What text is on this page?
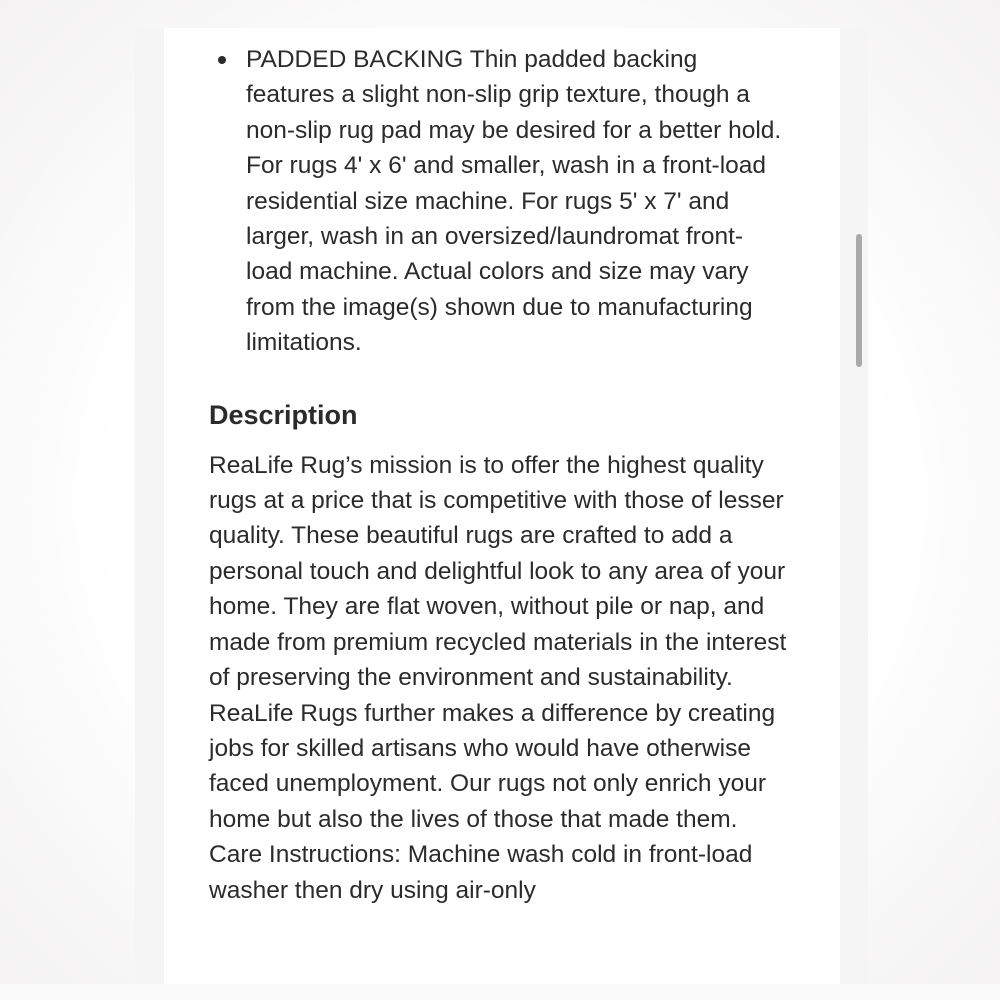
PADDED BACKING Thin padded backing features a slight non-slip grip texture, though a non-slip rug pad may be desired for a better hold. For rugs 4' x 6' and smaller, wash in a front-load residential size machine. For rugs 5' x 7' and larger, wash in an oversized/laundromat front-load machine. Actual colors and size may vary from the image(s) shown due to manufacturing limitations.
Description
ReaLife Rug’s mission is to offer the highest quality rugs at a price that is competitive with those of lesser quality. These beautiful rugs are crafted to add a personal touch and delightful look to any area of your home. They are flat woven, without pile or nap, and made from premium recycled materials in the interest of preserving the environment and sustainability. ReaLife Rugs further makes a difference by creating jobs for skilled artisans who would have otherwise faced unemployment. Our rugs not only enrich your home but also the lives of those that made them. Care Instructions: Machine wash cold in front-load washer then dry using air-only
